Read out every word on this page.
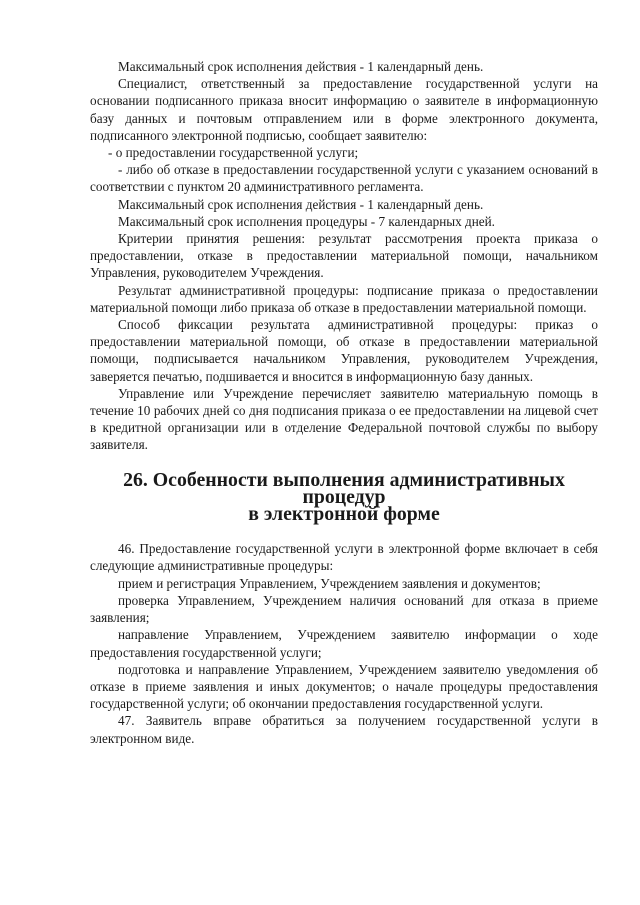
Максимальный срок исполнения действия - 1 календарный день.

Специалист, ответственный за предоставление государственной услуги на основании подписанного приказа вносит информацию о заявителе в информационную базу данных и почтовым отправлением или в форме электронного документа, подписанного электронной подписью, сообщает заявителю:

- о предоставлении государственной услуги;

- либо об отказе в предоставлении государственной услуги с указанием оснований в соответствии с пунктом 20 административного регламента.

Максимальный срок исполнения действия - 1 календарный день.

Максимальный срок исполнения процедуры - 7 календарных дней.

Критерии принятия решения: результат рассмотрения проекта приказа о предоставлении, отказе в предоставлении материальной помощи, начальником Управления, руководителем Учреждения.

Результат административной процедуры: подписание приказа о предоставлении материальной помощи либо приказа об отказе в предоставлении материальной помощи.

Способ фиксации результата административной процедуры: приказ о предоставлении материальной помощи, об отказе в предоставлении материальной помощи, подписывается начальником Управления, руководителем Учреждения, заверяется печатью, подшивается и вносится в информационную базу данных.

Управление или Учреждение перечисляет заявителю материальную помощь в течение 10 рабочих дней со дня подписания приказа о ее предоставлении на лицевой счет в кредитной организации или в отделение Федеральной почтовой службы по выбору заявителя.

26. Особенности выполнения административных процедур
в электронной форме

46. Предоставление государственной услуги в электронной форме включает в себя следующие административные процедуры:

прием и регистрация Управлением, Учреждением заявления и документов;

проверка Управлением, Учреждением наличия оснований для отказа в приеме заявления;

направление Управлением, Учреждением заявителю информации о ходе предоставления государственной услуги;

подготовка и направление Управлением, Учреждением заявителю уведомления об отказе в приеме заявления и иных документов; о начале процедуры предоставления государственной услуги; об окончании предоставления государственной услуги.

47. Заявитель вправе обратиться за получением государственной услуги в электронном виде.
